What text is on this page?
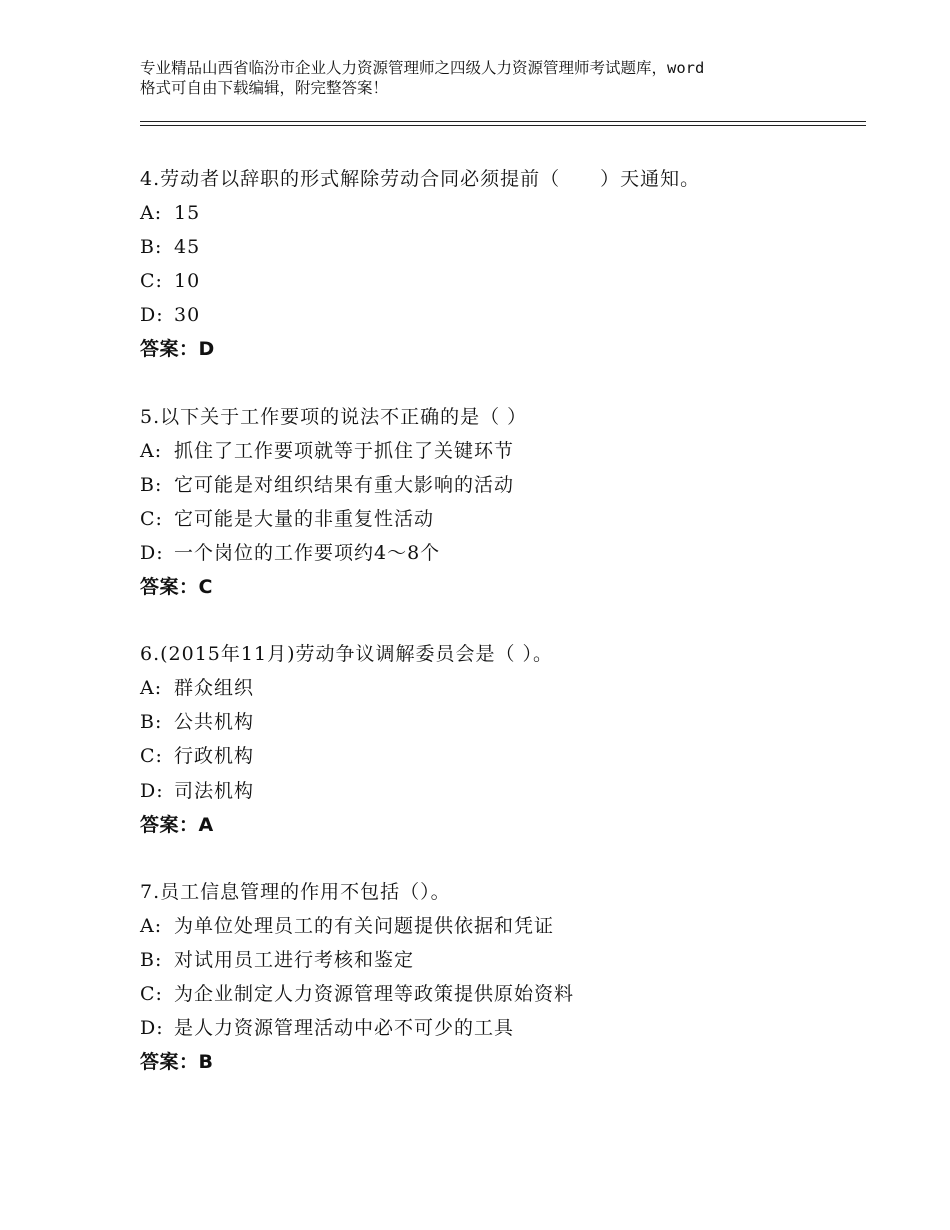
专业精品山西省临汾市企业人力资源管理师之四级人力资源管理师考试题库，word
格式可自由下载编辑，附完整答案！
4.劳动者以辞职的形式解除劳动合同必须提前（　　）天通知。
A: 15
B: 45
C: 10
D: 30
答案：D
5.以下关于工作要项的说法不正确的是（ ）
A: 抓住了工作要项就等于抓住了关键环节
B: 它可能是对组织结果有重大影响的活动
C: 它可能是大量的非重复性活动
D: 一个岗位的工作要项约4～8个
答案：C
6.(2015年11月)劳动争议调解委员会是（ ）。
A: 群众组织
B: 公共机构
C: 行政机构
D: 司法机构
答案：A
7.员工信息管理的作用不包括（）。
A: 为单位处理员工的有关问题提供依据和凭证
B: 对试用员工进行考核和鉴定
C: 为企业制定人力资源管理等政策提供原始资料
D: 是人力资源管理活动中必不可少的工具
答案：B
